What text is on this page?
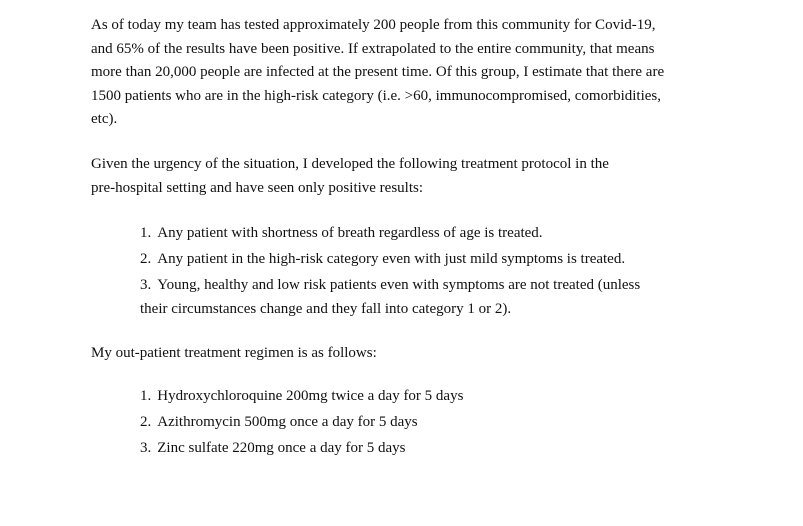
As of today my team has tested approximately 200 people from this community for Covid-19,
and 65% of the results have been positive. If extrapolated to the entire community, that means
more than 20,000 people are infected at the present time. Of this group, I estimate that there are
1500 patients who are in the high-risk category (i.e. >60, immunocompromised, comorbidities,
etc).

Given the urgency of the situation, I developed the following treatment protocol in the
pre-hospital setting and have seen only positive results:

1. Any patient with shortness of breath regardless of age is treated.
2. Any patient in the high-risk category even with just mild symptoms is treated.
3. Young, healthy and low risk patients even with symptoms are not treated (unless
their circumstances change and they fall into category 1 or 2).

My out-patient treatment regimen is as follows:

1. Hydroxychloroquine 200mg twice a day for 5 days
2. Azithromycin 500mg once a day for 5 days
3. Zinc sulfate 220mg once a day for 5 days
